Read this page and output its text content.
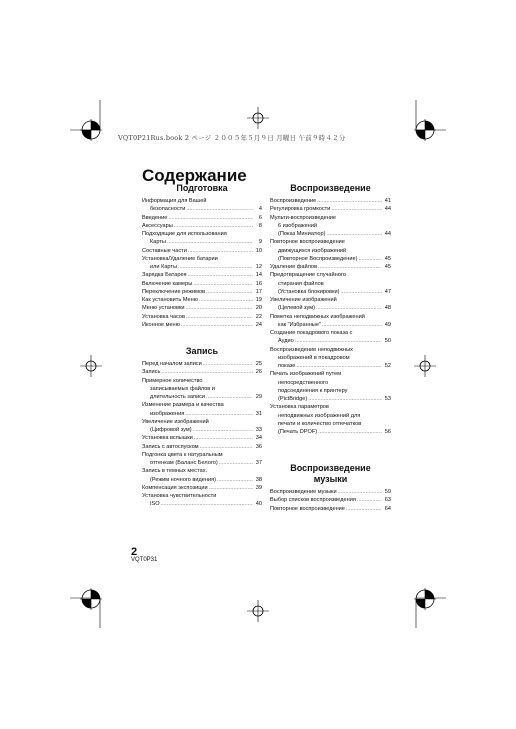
VQT0P21Rus.book 2 ページ ２００５年５月９日 月曜日 午前９時４２分
Содержание
Подготовка
Информация для Вашей
безопасности .....	4
Введение .....	6
Аксессуары .....	8
Подходящие для использования
Карты .....	9
Составные части .....	10
Установка/Удаление батарии
или Карты .....	12
Зарядка Батарея .....	14
Включение камеры .....	16
Переключение режимов .....	17
Как установить Меню .....	19
Меню установки .....	20
Установка часов .....	22
Иконное меню .....	24
Запись
Перед началом записи .....	25
Запись .....	26
Примерное количество
записываемых файлов и
длительность записи .....	29
Изменение размера и качества
изображения .....	31
Увеличение изображений
(Цифровой зум) .....	33
Установка вспышки .....	34
Запись с автоспуском .....	36
Подгонка цвета к натуральным
оттенкам (Баланс Белого) .....	37
Запись в темных местах.
(Режим ночного видения) .....	38
Компенсация экспозиции .....	39
Установка чувствительности
ISO .....	40
Воспроизведение
Воспроизведение .....	41
Регулировка громкости .....	44
Мульти-воспроизведение
6 изображений
(Показ Миниатюр) .....	44
Повторное воспроизведение
движущихся изображений
(Повторное Воспроизведение) .....	45
Удаление файлов .....	45
Предотвращение случайного
стирания файлов
(Установка блокировки) .....	47
Увеличение изображений
(Целевой зум) .....	48
Пометка неподвижных изображений
как "Избранные" .....	49
Создание покадрового показа с
Аудио .....	50
Воспроизведение неподвижных
изображений в покадровом
показе .....	52
Печать изображений путем
непосредственного
подсоединения к принтеру
(PictBridge) .....	53
Установка параметров
неподвижных изображений для
печати и количество отпечатков
(Печать DPOF) .....	56
Воспроизведение
музыки
Воспроизведение музыки .....	59
Выбор списков воспроизведения .....	63
Повторное воспроизведение .....	64
2
VQT0P31
